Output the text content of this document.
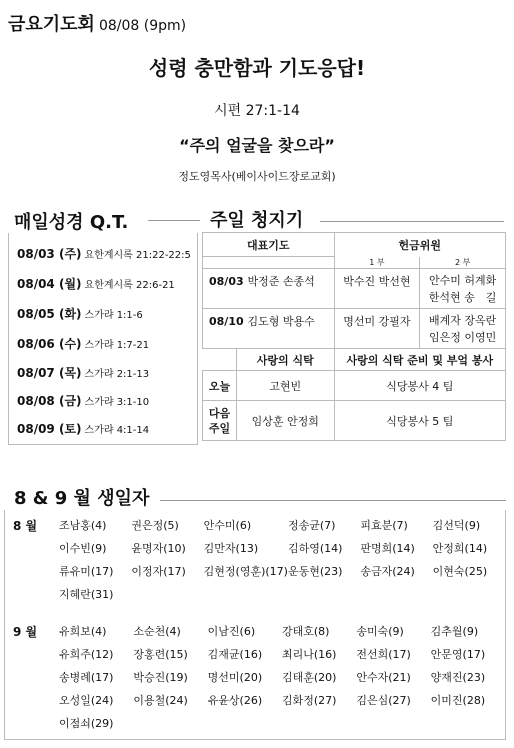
금요기도회 08/08 (9pm)
성령 충만함과 기도응답!
시편 27:1-14
“주의 얼굴을 찾으라”
정도영목사(베이사이드장로교회)
08/03 (주) 요한계시록 21:22-22:5
08/04 (월) 요한계시록 22:6-21
08/05 (화) 스가랴 1:1-6
08/06 (수) 스가랴 1:7-21
08/07 (목) 스가랴 2:1-13
08/08 (금) 스가랴 3:1-10
08/09 (토) 스가랴 4:1-14
매일성경 Q.T.	주일 청지기
대표기도		헌금위원	
		1 부	2 부
08/03 박정준 손종석		박수진 박선현	안수미 허계화 한석현 송　길
08/10 김도형 박용수		명선미 강필자	배계자 장옥란 임은정 이영민
	사랑의 식탁	사랑의 식탁 준비 및 부엌 봉사	
오늘	고현빈	식당봉사 4 팀	
다음 주일	임상훈 안정희	식당봉사 5 팀	
8 & 9 월 생일자
8 월 조남홍(4)	권은정(5)	안수미(6)	정송균(7)	피효분(7)	김선덕(9)
이수빈(9)	윤명자(10)	김만자(13)	김하영(14)	판명희(14)	안정희(14)
류유미(17)	이정자(17)	김현정(영훈)(17) 운동현(23)	송금자(24)	이현숙(25)
지혜란(31)
9 월 유희보(4)	소순천(4)	이남진(6)	강태호(8)	송미숙(9)	김추월(9)
유희주(12)	장홍련(15)	김재균(16)	최리나(16)	전선희(17)	안문영(17)
송병례(17)	박승진(19)	명선미(20)	김태훈(20)	안수자(21)	양재진(23)
오성일(24)	이용철(24)	유윤상(26)	김화정(27)	김은심(27)	이미진(28)
이점쇠(29)
